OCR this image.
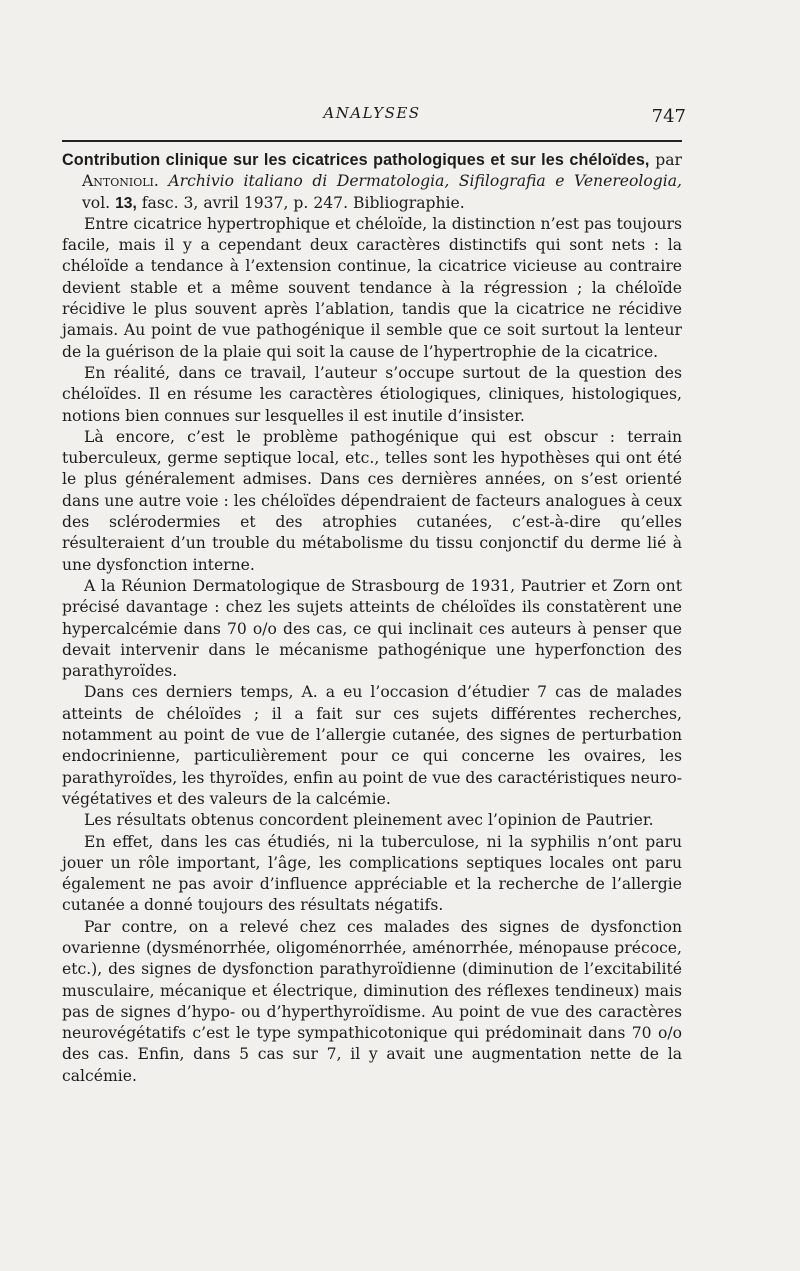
ANALYSES	747

Contribution clinique sur les cicatrices pathologiques et sur les chéloïdes, par Antonioli. Archivio italiano di Dermatologia, Sifilografia e Venereologia, vol. 13, fasc. 3, avril 1937, p. 247. Bibliographie.

Entre cicatrice hypertrophique et chéloïde, la distinction n’est pas toujours facile, mais il y a cependant deux caractères distinctifs qui sont nets : la chéloïde a tendance à l’extension continue, la cicatrice vicieuse au contraire devient stable et a même souvent tendance à la régression ; la chéloïde récidive le plus souvent après l’ablation, tandis que la cicatrice ne récidive jamais. Au point de vue pathogénique il semble que ce soit surtout la lenteur de la guérison de la plaie qui soit la cause de l’hypertrophie de la cicatrice.

En réalité, dans ce travail, l’auteur s’occupe surtout de la question des chéloïdes. Il en résume les caractères étiologiques, cliniques, histologiques, notions bien connues sur lesquelles il est inutile d’insister.

Là encore, c’est le problème pathogénique qui est obscur : terrain tuberculeux, germe septique local, etc., telles sont les hypothèses qui ont été le plus généralement admises. Dans ces dernières années, on s’est orienté dans une autre voie : les chéloïdes dépendraient de facteurs analogues à ceux des sclérodermies et des atrophies cutanées, c’est-à-dire qu’elles résulteraient d’un trouble du métabolisme du tissu conjonctif du derme lié à une dysfonction interne.

A la Réunion Dermatologique de Strasbourg de 1931, Pautrier et Zorn ont précisé davantage : chez les sujets atteints de chéloïdes ils constatèrent une hypercalcémie dans 70 o/o des cas, ce qui inclinait ces auteurs à penser que devait intervenir dans le mécanisme pathogénique une hyperfonction des parathyroïdes.

Dans ces derniers temps, A. a eu l’occasion d’étudier 7 cas de malades atteints de chéloïdes ; il a fait sur ces sujets différentes recherches, notamment au point de vue de l’allergie cutanée, des signes de perturbation endocrinienne, particulièrement pour ce qui concerne les ovaires, les parathyroïdes, les thyroïdes, enfin au point de vue des caractéristiques neuro-végétatives et des valeurs de la calcémie.

Les résultats obtenus concordent pleinement avec l’opinion de Pautrier.

En effet, dans les cas étudiés, ni la tuberculose, ni la syphilis n’ont paru jouer un rôle important, l’âge, les complications septiques locales ont paru également ne pas avoir d’influence appréciable et la recherche de l’allergie cutanée a donné toujours des résultats négatifs.

Par contre, on a relevé chez ces malades des signes de dysfonction ovarienne (dysménorrhée, oligoménorrhée, aménorrhée, ménopause précoce, etc.), des signes de dysfonction parathyroïdienne (diminution de l’excitabilité musculaire, mécanique et électrique, diminution des réflexes tendineux) mais pas de signes d’hypo- ou d’hyperthyroïdisme. Au point de vue des caractères neurovégétatifs c’est le type sympathicotonique qui prédominait dans 70 o/o des cas. Enfin, dans 5 cas sur 7, il y avait une augmentation nette de la calcémie.
